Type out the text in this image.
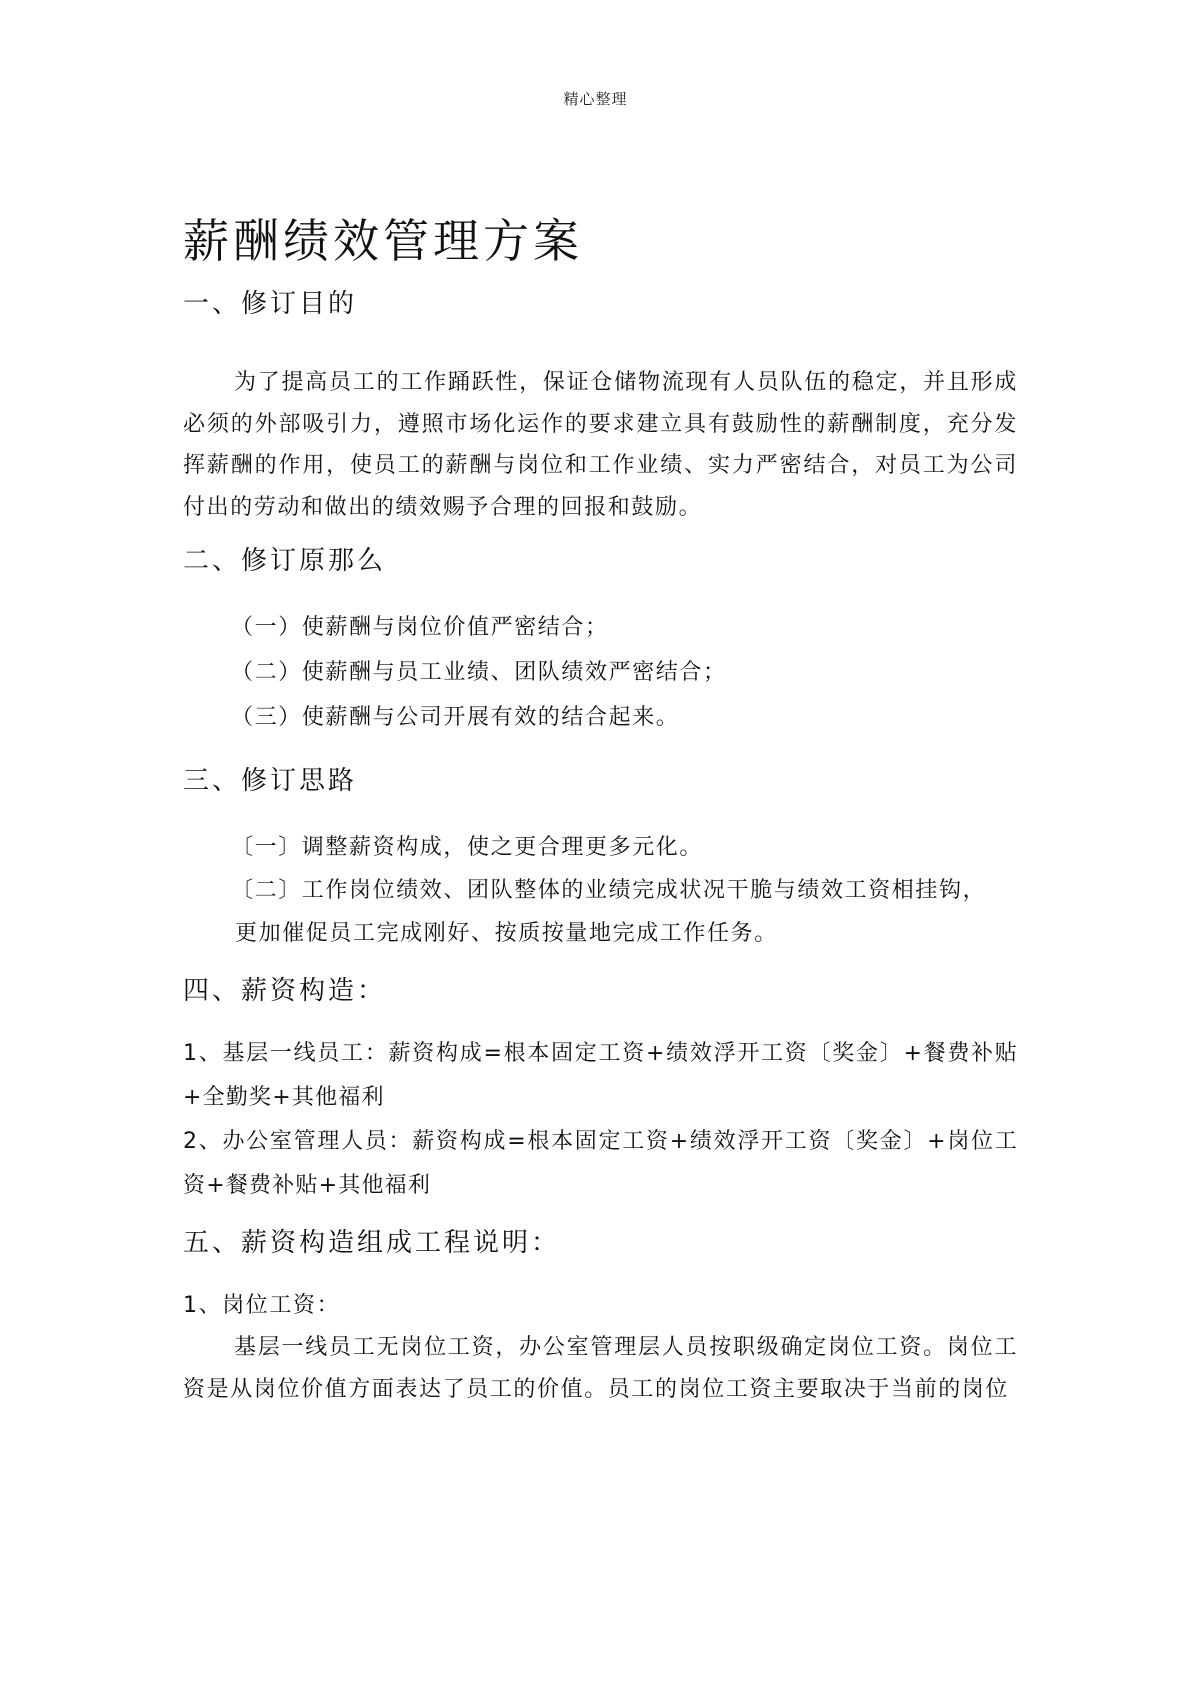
精心整理
薪酬绩效管理方案
一、修订目的

为了提高员工的工作踊跃性，保证仓储物流现有人员队伍的稳定，并且形成必须的外部吸引力，遵照市场化运作的要求建立具有鼓励性的薪酬制度，充分发挥薪酬的作用，使员工的薪酬与岗位和工作业绩、实力严密结合，对员工为公司付出的劳动和做出的绩效赐予合理的回报和鼓励。

二、修订原那么

（一）使薪酬与岗位价值严密结合；

（二）使薪酬与员工业绩、团队绩效严密结合；

（三）使薪酬与公司开展有效的结合起来。

三、修订思路

〔一〕调整薪资构成，使之更合理更多元化。

〔二〕工作岗位绩效、团队整体的业绩完成状况干脆与绩效工资相挂钩，

更加催促员工完成刚好、按质按量地完成工作任务。

四、薪资构造：

1、基层一线员工：薪资构成=根本固定工资+绩效浮开工资〔奖金〕+餐费补贴+全勤奖+其他福利

2、办公室管理人员：薪资构成=根本固定工资+绩效浮开工资〔奖金〕+岗位工资+餐费补贴+其他福利

五、薪资构造组成工程说明：

1、岗位工资：

基层一线员工无岗位工资，办公室管理层人员按职级确定岗位工资。岗位工资是从岗位价值方面表达了员工的价值。员工的岗位工资主要取决于当前的岗位
